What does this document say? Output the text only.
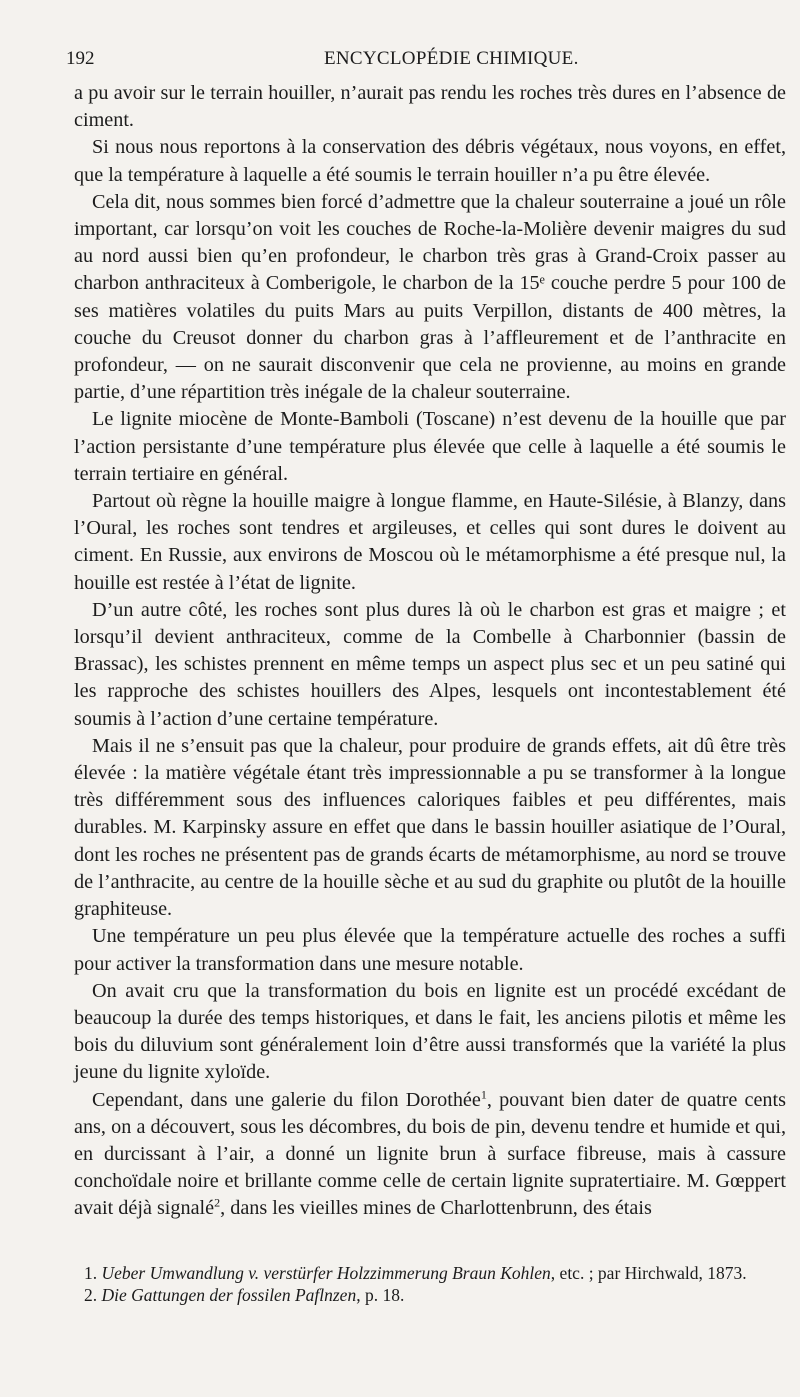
192	ENCYCLOPÉDIE CHIMIQUE.

a pu avoir sur le terrain houiller, n’aurait pas rendu les roches très dures en l’absence de ciment.

Si nous nous reportons à la conservation des débris végétaux, nous voyons, en effet, que la température à laquelle a été soumis le terrain houiller n’a pu être élevée.

Cela dit, nous sommes bien forcé d’admettre que la chaleur souterraine a joué un rôle important, car lorsqu’on voit les couches de Roche-la-Molière devenir maigres du sud au nord aussi bien qu’en profondeur, le charbon très gras à Grand-Croix passer au charbon anthraciteux à Comberigole, le charbon de la 15ᵉ couche perdre 5 pour 100 de ses matières volatiles du puits Mars au puits Verpillon, distants de 400 mètres, la couche du Creusot donner du charbon gras à l’affleurement et de l’anthracite en profondeur, — on ne saurait disconvenir que cela ne provienne, au moins en grande partie, d’une répartition très inégale de la chaleur souterraine.

Le lignite miocène de Monte-Bamboli (Toscane) n’est devenu de la houille que par l’action persistante d’une température plus élevée que celle à laquelle a été soumis le terrain tertiaire en général.

Partout où règne la houille maigre à longue flamme, en Haute-Silésie, à Blanzy, dans l’Oural, les roches sont tendres et argileuses, et celles qui sont dures le doivent au ciment. En Russie, aux environs de Moscou où le métamorphisme a été presque nul, la houille est restée à l’état de lignite.

D’un autre côté, les roches sont plus dures là où le charbon est gras et maigre ; et lorsqu’il devient anthraciteux, comme de la Combelle à Charbonnier (bassin de Brassac), les schistes prennent en même temps un aspect plus sec et un peu satiné qui les rapproche des schistes houillers des Alpes, lesquels ont incontestablement été soumis à l’action d’une certaine température.

Mais il ne s’ensuit pas que la chaleur, pour produire de grands effets, ait dû être très élevée : la matière végétale étant très impressionnable a pu se transformer à la longue très différemment sous des influences caloriques faibles et peu différentes, mais durables. M. Karpinsky assure en effet que dans le bassin houiller asiatique de l’Oural, dont les roches ne présentent pas de grands écarts de métamorphisme, au nord se trouve de l’anthracite, au centre de la houille sèche et au sud du graphite ou plutôt de la houille graphiteuse.

Une température un peu plus élevée que la température actuelle des roches a suffi pour activer la transformation dans une mesure notable.

On avait cru que la transformation du bois en lignite est un procédé excédant de beaucoup la durée des temps historiques, et dans le fait, les anciens pilotis et même les bois du diluvium sont généralement loin d’être aussi transformés que la variété la plus jeune du lignite xyloïde.

Cependant, dans une galerie du filon Dorothée$^1$, pouvant bien dater de quatre cents ans, on a découvert, sous les décombres, du bois de pin, devenu tendre et humide et qui, en durcissant à l’air, a donné un lignite brun à surface fibreuse, mais à cassure conchoïdale noire et brillante comme celle de certain lignite supratertiaire. M. Gœppert avait déjà signalé$^2$, dans les vieilles mines de Charlottenbrunn, des étais

1. Ueber Umwandlung v. verstürfer Holzzimmerung Braun Kohlen, etc. ; par Hirchwald, 1873.

2. Die Gattungen der fossilen Paflnzen, p. 18.
